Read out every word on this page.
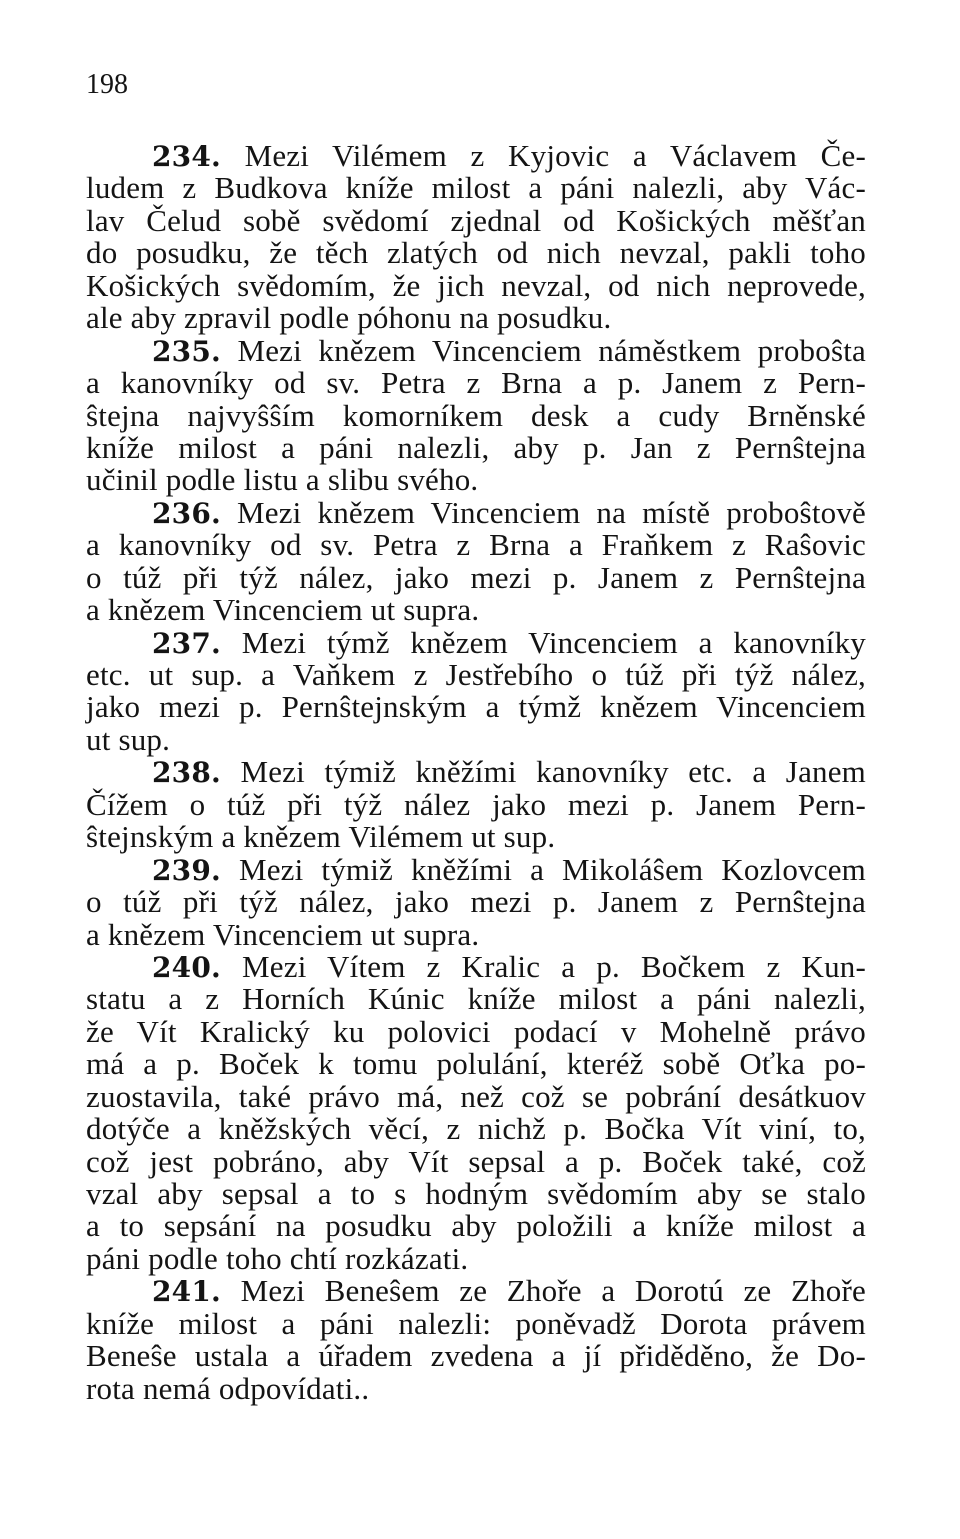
198
234. Mezi Vilémem z Kyjovic a Václavem Če-
ludem z Budkova kníže milost a páni nalezli, aby Vác-
lav Čelud sobě svědomí zjednal od Košických měšťan
do posudku, že těch zlatých od nich nevzal, pakli toho
Košických svědomím, že jich nevzal, od nich neprovede,
ale aby zpravil podle póhonu na posudku.
235. Mezi knězem Vincenciem náměstkem proboŝta
a kanovníky od sv. Petra z Brna a p. Janem z Pern-
ŝtejna najvyŝŝím komorníkem desk a cudy Brněnské
kníže milost a páni nalezli, aby p. Jan z Pernŝtejna
učinil podle listu a slibu svého.
236. Mezi knězem Vincenciem na místě proboŝtově
a kanovníky od sv. Petra z Brna a Fraňkem z Raŝovic
o túž při týž nález, jako mezi p. Janem z Pernŝtejna
a knězem Vincenciem ut supra.
237. Mezi týmž knězem Vincenciem a kanovníky
etc. ut sup. a Vaňkem z Jestřebího o túž při týž nález,
jako mezi p. Pernŝtejnským a týmž knězem Vincenciem
ut sup.
238. Mezi týmiž kněžími kanovníky etc. a Janem
Čížem o túž při týž nález jako mezi p. Janem Pern-
ŝtejnským a knězem Vilémem ut sup.
239. Mezi týmiž kněžími a Mikoláŝem Kozlovcem
o túž při týž nález, jako mezi p. Janem z Pernŝtejna
a knězem Vincenciem ut supra.
240. Mezi Vítem z Kralic a p. Bočkem z Kun-
statu a z Horních Kúnic kníže milost a páni nalezli,
že Vít Kralický ku polovici podací v Mohelně právo
má a p. Boček k tomu polulání, kteréž sobě Oťka po-
zuostavila, také právo má, než což se pobrání desátkuov
dotýče a kněžských věcí, z nichž p. Bočka Vít viní, to,
což jest pobráno, aby Vít sepsal a p. Boček také, což
vzal aby sepsal a to s hodným svědomím aby se stalo
a to sepsání na posudku aby položili a kníže milost a
páni podle toho chtí rozkázati.
241. Mezi Beneŝem ze Zhoře a Dorotú ze Zhoře
kníže milost a páni nalezli: poněvadž Dorota právem
Beneŝe ustala a úřadem zvedena a jí přiděděno, že Do-
rota nemá odpovídati..
